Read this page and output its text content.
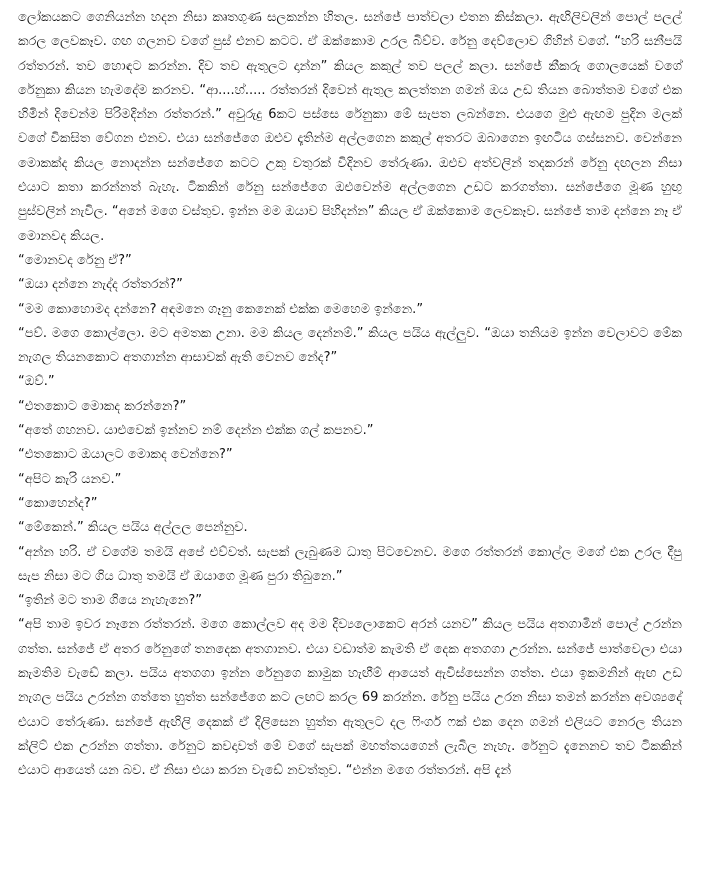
ලෝකයකට ගෙනියන්න හදන නිසා කෘතගුණ සලකන්න හිතල. සන්ජේ පාත්වලා එතන කිස්කලා. ඇඟිලිවලින් පොල් පලල් කරල ලෙවකෑව. ගඟ ගලනව වගේ පුස් එනව කටට. ඒ ඔක්කොම උරල බිව්ව. රේනු දෙව්ලොව ගිහින් වගේ. “හරි සනීපයි රත්තරන්. තව හොඳට කරන්න. දිව තව ඇතුලට දාන්න” කියල කකුල් තව පලල් කලා. සන්ජේ කීකරු ගොලයෙක් වගේ රේනුකා කියන හැමදේම කරනව. “ආ....හ්..... රත්තරන් දිවෙන් ඇතුල කලත්තන ගමන් ඔය උඩ තියන බොත්තම වගේ එක හිමින් දිවෙන්ම පිරිමදින්න රත්තරන්.” අවුරුදු 6කට පස්සෙ රේනුකා මේ සැපත ලබන්නෙ. එයගෙ මුළු ඇඟම පුදින මලක් වගේ විකසිත වේගන එනව. එයා සන්ජේගෙ ඔළුව දෑතින්ම අල්ලගෙන කකුල් අතරට ඔබාගෙන ඉඟටිය ගස්සනව. වෙන්නෙ මොකක්ද කියල නොදන්න සන්ජේගෙ කටට උකු වතුරක් විදිනව තේරුණා. ඔළුව අත්වලින් තදකරන් රේනු දඟලන නිසා එයාට කතා කරන්නත් බැහැ. ටිකකින් රේනු සන්ජේගෙ ඔළුවෙන්ම අල්ලගෙන උඩට කරගත්තා. සන්ජේගෙ මූණ හුඟු පුස්වලින් නැවිල. “අනේ මගෙ වස්තුව. ඉන්න මම ඔයාව පිහිදන්න” කියල ඒ ඔක්කොම ලෙවකෑව. සන්ජේ තාම දන්නෙ නෑ ඒ මොනවද කියල.

“මොනවද රේනු ඒ?”

“ඔයා දන්නෙ නැද්ද රත්තරන්?”

“මම කොහොමද දන්නෙ? අඳමනෙ ගෑනු කෙනෙක් එක්ක මෙහෙම ඉන්නෙ.”

“පව්. මගෙ කොල්ලො. මට අමතක උනා. මම කියල දෙන්නම්.” කියල පයිය ඇල්ලුව. “ඔයා තනියම ඉන්න වෙලාවට මේක නැගල තියනකොට අතගාන්න ආසාවක් ඇති වෙනව නේද?”

“ඔව්.”

“එතකොට මොකද කරන්නෙ?”

“අතේ ගහනව. යාළුවෙක් ඉන්නව නම් දෙන්න එක්ක ගල් කපනව.”

“එතකොට ඔයාලට මොකද වෙන්නෙ?”

“අපිට කැරි යනව.”

“කොහෙන්ද?”

“මේකෙන්.” කියල පයිය අල්ලල පෙන්නුව.

“අන්න හරි. ඒ වගේම තමයි අපේ එව්වත්. සැපක් ලැබුණම ධාතු පිටවෙනව. මගෙ රත්තරන් කොල්ල මගේ එක උරල දීපු සැප නිසා මට ගිය ධාතු තමයි ඒ ඔයාගෙ මූණ පුරා තිබුනෙ.”

“ඉතින් මට තාම ගියෙ නැහැනෙ?”

“අපි තාම ඉවර නෑනෙ රත්තරන්. මගෙ කොල්ලව අද මම දිව්‍යලොකෙට අරන් යනව” කියල පයිය අතගාමින් පොල් උරන්න ගත්ත. සන්ජේ ඒ අතර රේනුගේ තනදෙක අතගානව. එයා වඩාත්ම කැමති ඒ දෙක අතගගා උරන්න. සන්ජේ පාත්වෙලා එයා කැමතිම වැඩේ කලා. පයිය අතගගා ඉන්න රේනුගෙ කාමුක හැඟීම් ආයෙත් ඇවිස්සෙන්න ගත්ත. එයා ඉකමනින් ඇඟ උඩ නැගල පයිය උරන්න ගත්තෙ හුත්ත සන්ජේගෙ කට ලඟට කරල 69 කරන්න. රේනු පයිය උරන නිසා තමන් කරන්න අවශ්‍යදේ එයාට තේරුණා. සන්ජේ ඇඟිලි දෙකක් ඒ දිලිසෙන හුත්ත ඇතුලට දල ෆිංගර් ෆක් එක දෙන ගමන් එලියට නෙරල තියන ක්ලිට් එක උරන්න ගත්තා. රේනුට කවදාවත් මේ වගේ සැපක් මහත්තයගෙන් ලැබිල නැහැ. රේනුට දැනෙනව තව ටිකකින් එයාට ආයෙත් යන බව. ඒ නිසා එයා කරන වැඩේ නවත්තුව. “එන්න මගෙ රත්තරන්. අපි දැන්
